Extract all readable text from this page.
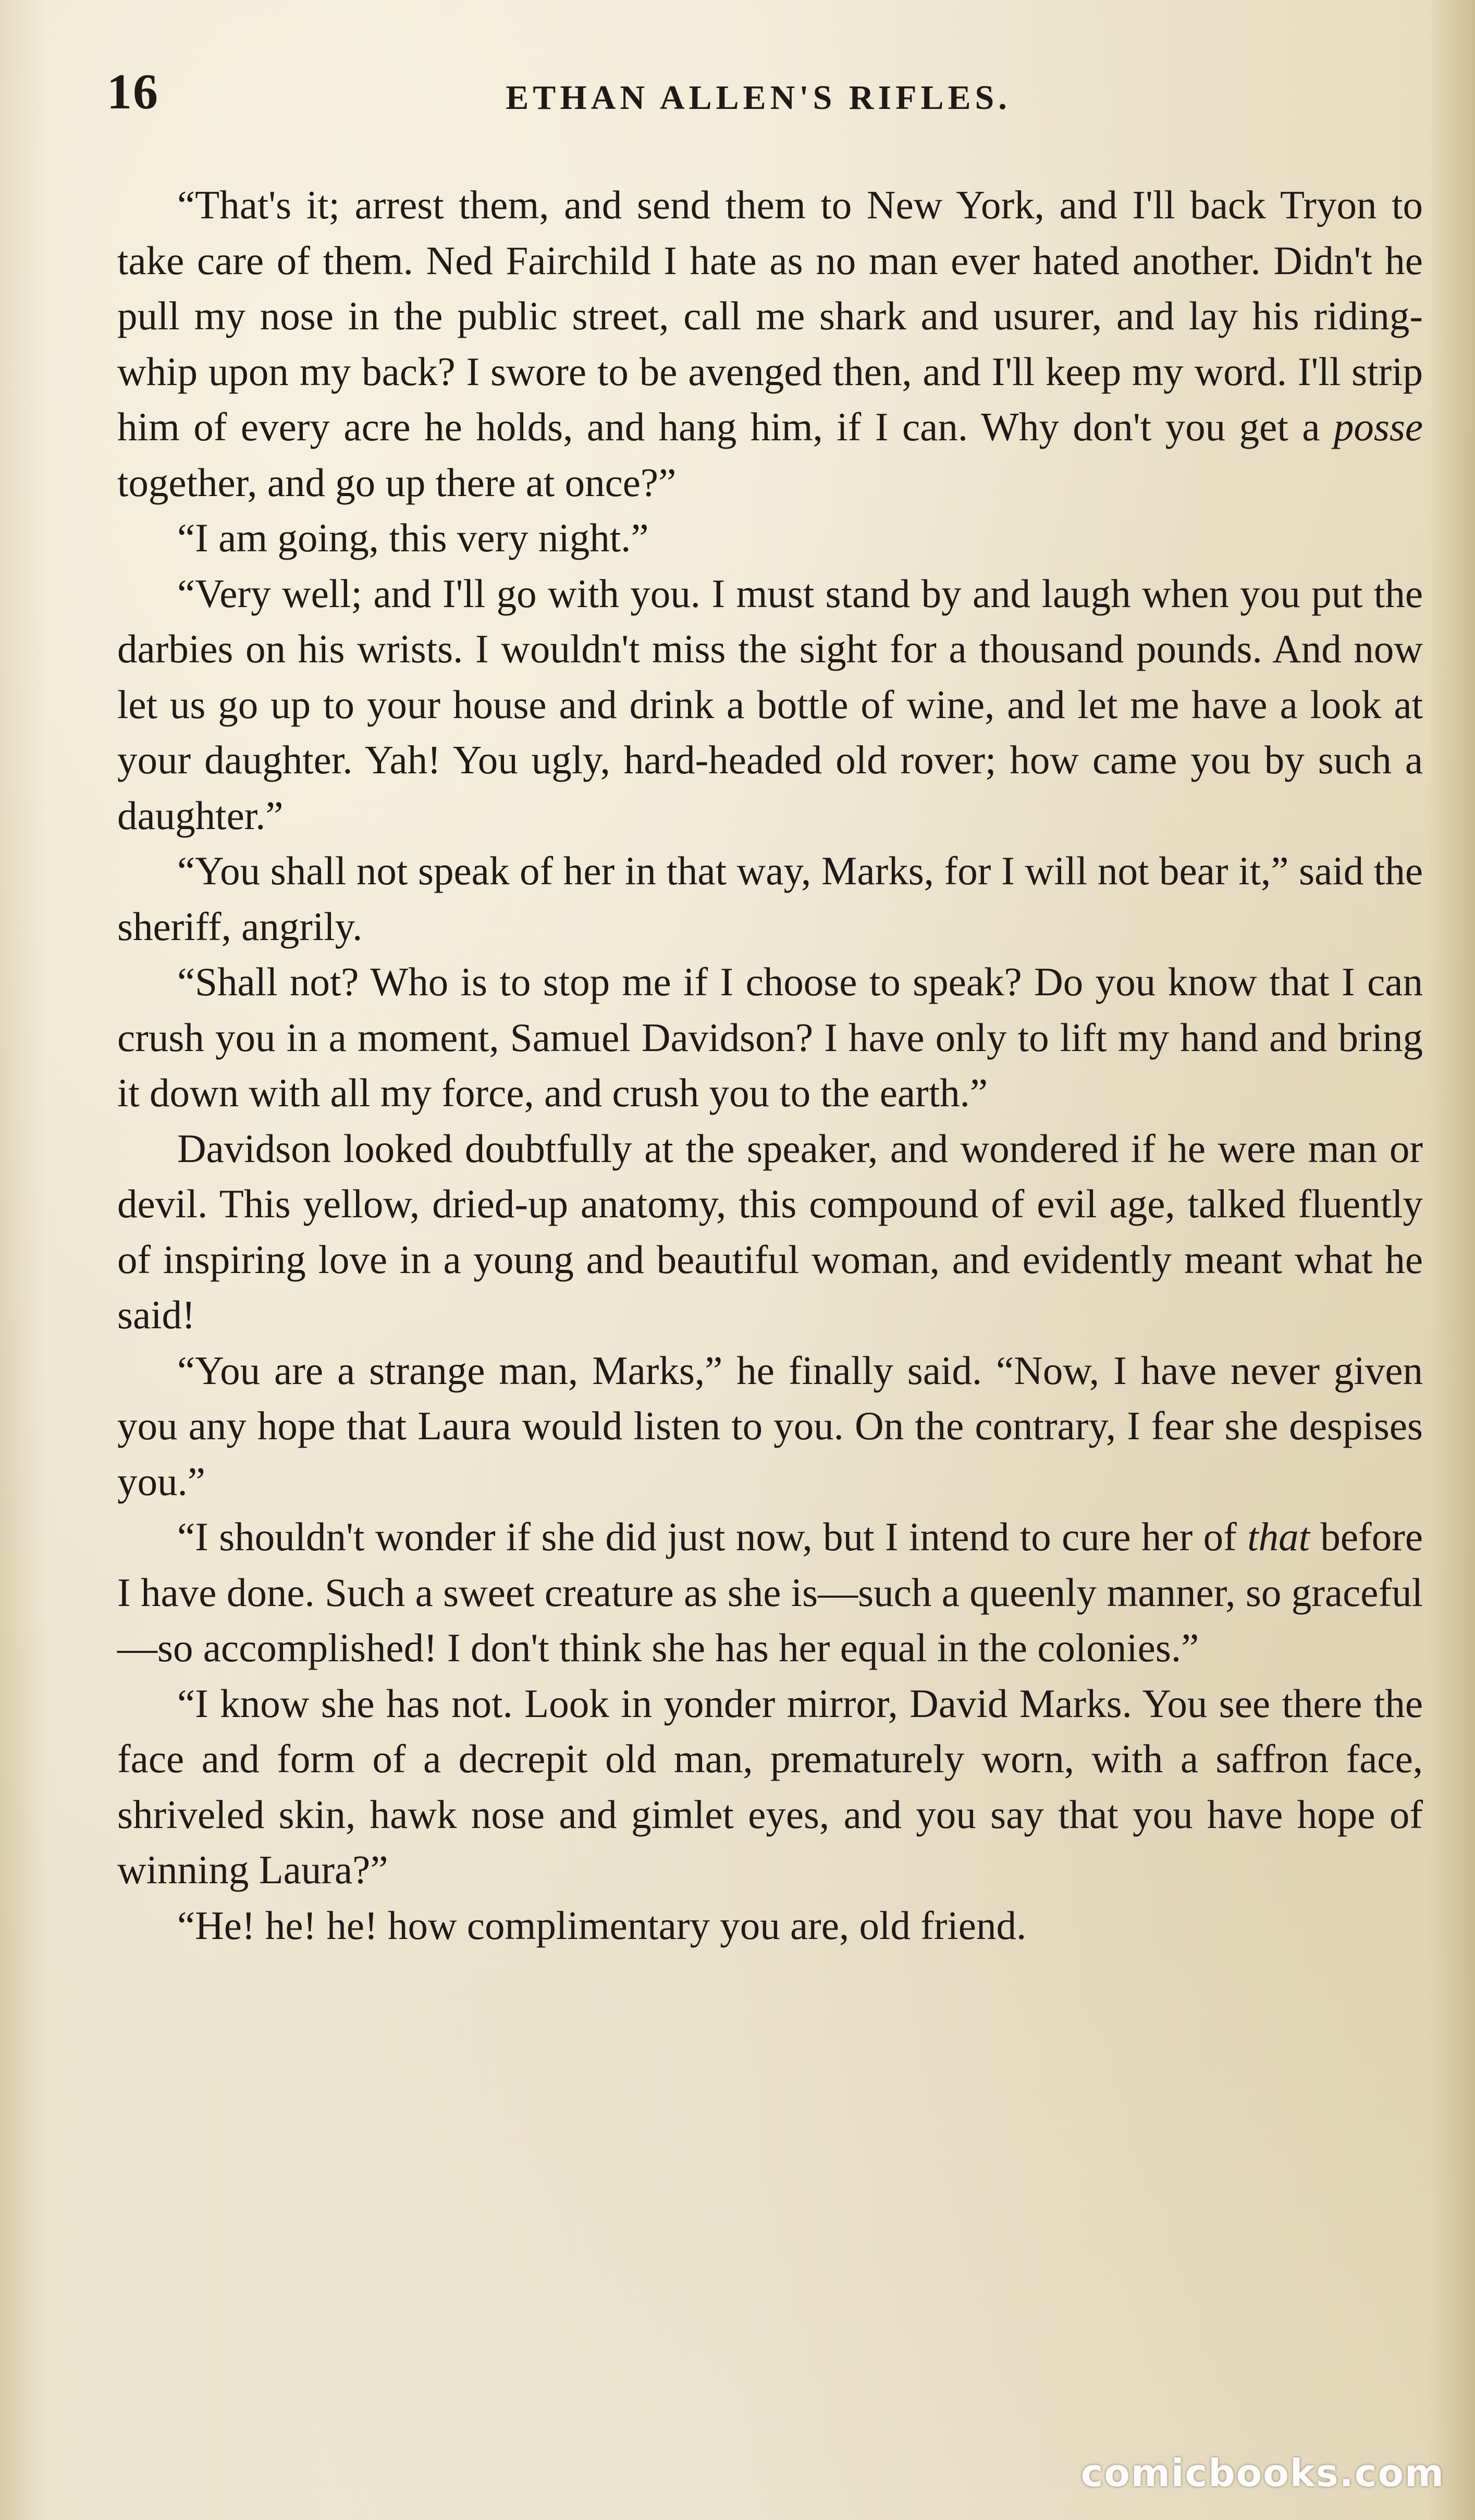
16	ETHAN ALLEN'S RIFLES.

“That's it; arrest them, and send them to New York, and I'll back Tryon to take care of them. Ned Fairchild I hate as no man ever hated another. Didn't he pull my nose in the public street, call me shark and usurer, and lay his riding-whip upon my back? I swore to be avenged then, and I'll keep my word. I'll strip him of every acre he holds, and hang him, if I can. Why don't you get a posse together, and go up there at once?”

“I am going, this very night.”

“Very well; and I'll go with you. I must stand by and laugh when you put the darbies on his wrists. I wouldn't miss the sight for a thousand pounds. And now let us go up to your house and drink a bottle of wine, and let me have a look at your daughter. Yah! You ugly, hard-headed old rover; how came you by such a daughter.”

“You shall not speak of her in that way, Marks, for I will not bear it,” said the sheriff, angrily.

“Shall not? Who is to stop me if I choose to speak? Do you know that I can crush you in a moment, Samuel Davidson? I have only to lift my hand and bring it down with all my force, and crush you to the earth.”

Davidson looked doubtfully at the speaker, and wondered if he were man or devil. This yellow, dried-up anatomy, this compound of evil age, talked fluently of inspiring love in a young and beautiful woman, and evidently meant what he said!

“You are a strange man, Marks,” he finally said. “Now, I have never given you any hope that Laura would listen to you. On the contrary, I fear she despises you.”

“I shouldn't wonder if she did just now, but I intend to cure her of that before I have done. Such a sweet creature as she is—such a queenly manner, so graceful—so accomplished! I don't think she has her equal in the colonies.”

“I know she has not. Look in yonder mirror, David Marks. You see there the face and form of a decrepit old man, prematurely worn, with a saffron face, shriveled skin, hawk nose and gimlet eyes, and you say that you have hope of winning Laura?”

“He! he! he! how complimentary you are, old friend.

comicbooks.com
